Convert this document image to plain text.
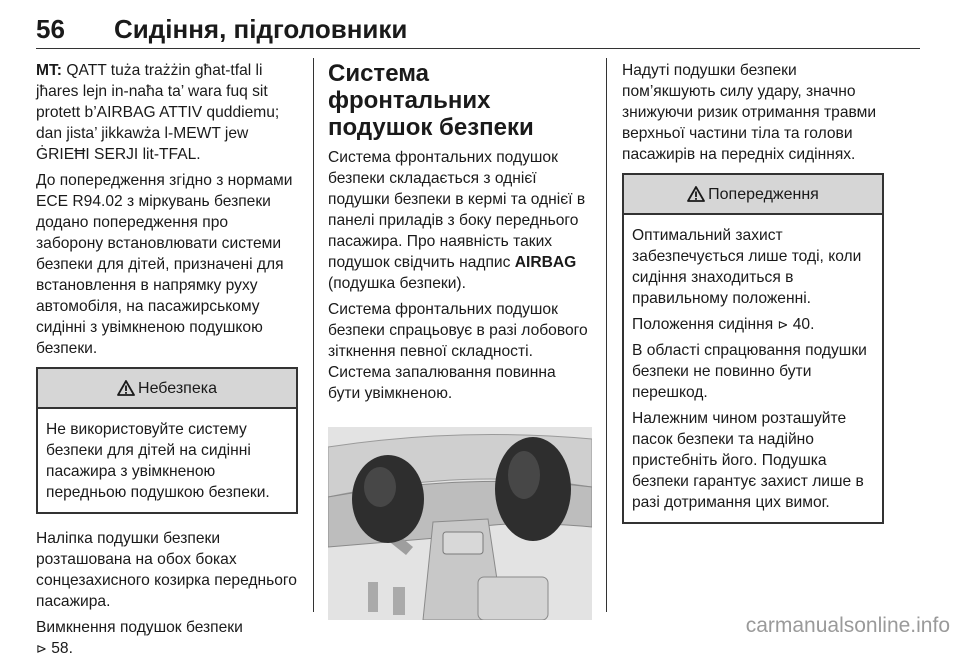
56 Сидіння, підголовники

MT: QATT tuża trażżin għat-tfal li jħares lejn in-naħa ta’ wara fuq sit protett b’AIRBAG ATTIV quddiemu; dan jista’ jikkawża l-MEWT jew ĠRIEĦI SERJI lit-TFAL.

До попередження згідно з нормами ECE R94.02 з міркувань безпеки додано попередження про заборону встановлювати системи безпеки для дітей, призначені для встановлення в напрямку руху автомобіля, на пасажирському сидінні з увімкненою подушкою безпеки.

Небезпека

Не використовуйте систему безпеки для дітей на сидінні пасажира з увімкненою передньою подушкою безпеки.

Наліпка подушки безпеки розташована на обох боках сонцезахисного козирка переднього пасажира.

Вимкнення подушок безпеки

⊳ 58.

Система фронтальних подушок безпеки

Система фронтальних подушок безпеки складається з однієї подушки безпеки в кермі та однієї в панелі приладів з боку переднього пасажира. Про наявність таких подушок свідчить надпис AIRBAG (подушка безпеки).

Система фронтальних подушок безпеки спрацьовує в разі лобового зіткнення певної складності. Система запалювання повинна бути увімкненою.

Надуті подушки безпеки пом’якшують силу удару, значно знижуючи ризик отримання травми верхньої частини тіла та голови пасажирів на передніх сидіннях.

Попередження

Оптимальний захист забезпечується лише тоді, коли сидіння знаходиться в правильному положенні.

Положення сидіння ⊳ 40.

В області спрацювання подушки безпеки не повинно бути перешкод.

Належним чином розташуйте пасок безпеки та надійно пристебніть його. Подушка безпеки гарантує захист лише в разі дотримання цих вимог.

carmanualsonline.info
